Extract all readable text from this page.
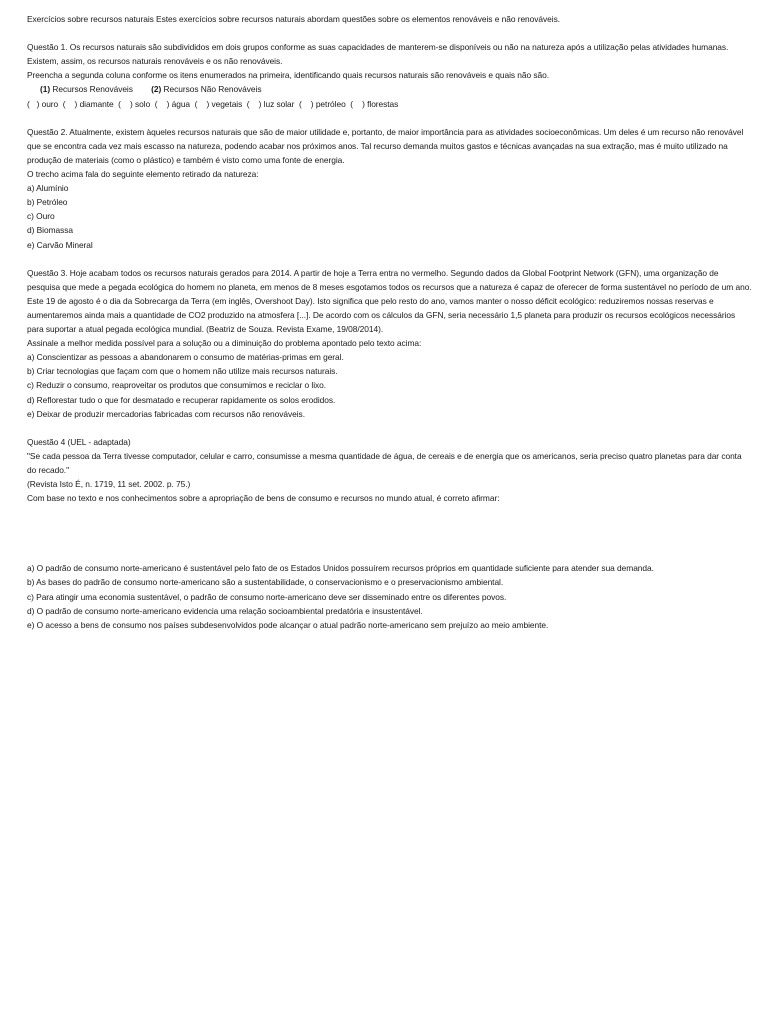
Exercícios sobre recursos naturais Estes exercícios sobre recursos naturais abordam questões sobre os elementos renováveis e não renováveis.

Questão 1. Os recursos naturais são subdivididos em dois grupos conforme as suas capacidades de manterem-se disponíveis ou não na natureza após a utilização pelas atividades humanas. Existem, assim, os recursos naturais renováveis e os não renováveis.

Preencha a segunda coluna conforme os itens enumerados na primeira, identificando quais recursos naturais são renováveis e quais não são.

(1) Recursos Renováveis (2) Recursos Não Renováveis

(   ) ouro  (    ) diamante  (    ) solo  (    ) água  (    ) vegetais  (    ) luz solar  (    ) petróleo  (    ) florestas

Questão 2. Atualmente, existem àqueles recursos naturais que são de maior utilidade e, portanto, de maior importância para as atividades socioeconômicas. Um deles é um recurso não renovável que se encontra cada vez mais escasso na natureza, podendo acabar nos próximos anos. Tal recurso demanda muitos gastos e técnicas avançadas na sua extração, mas é muito utilizado na produção de materiais (como o plástico) e também é visto como uma fonte de energia.

O trecho acima fala do seguinte elemento retirado da natureza:

a) Alumínio

b) Petróleo

c) Ouro

d) Biomassa

e) Carvão Mineral

Questão 3. Hoje acabam todos os recursos naturais gerados para 2014. A partir de hoje a Terra entra no vermelho. Segundo dados da Global Footprint Network (GFN), uma organização de pesquisa que mede a pegada ecológica do homem no planeta, em menos de 8 meses esgotamos todos os recursos que a natureza é capaz de oferecer de forma sustentável no período de um ano. Este 19 de agosto é o dia da Sobrecarga da Terra (em inglês, Overshoot Day). Isto significa que pelo resto do ano, vamos manter o nosso déficit ecológico: reduziremos nossas reservas e aumentaremos ainda mais a quantidade de CO2 produzido na atmosfera [...]. De acordo com os cálculos da GFN, seria necessário 1,5 planeta para produzir os recursos ecológicos necessários para suportar a atual pegada ecológica mundial. (Beatriz de Souza. Revista Exame, 19/08/2014).

Assinale a melhor medida possível para a solução ou a diminuição do problema apontado pelo texto acima:

a) Conscientizar as pessoas a abandonarem o consumo de matérias-primas em geral.

b) Criar tecnologias que façam com que o homem não utilize mais recursos naturais.

c) Reduzir o consumo, reaproveitar os produtos que consumimos e reciclar o lixo.

d) Reflorestar tudo o que for desmatado e recuperar rapidamente os solos erodidos.

e) Deixar de produzir mercadorias fabricadas com recursos não renováveis.

Questão 4 (UEL - adaptada)

"Se cada pessoa da Terra tivesse computador, celular e carro, consumisse a mesma quantidade de água, de cereais e de energia que os americanos, seria preciso quatro planetas para dar conta do recado."

(Revista Isto É, n. 1719, 11 set. 2002. p. 75.)

Com base no texto e nos conhecimentos sobre a apropriação de bens de consumo e recursos no mundo atual, é correto afirmar:

a) O padrão de consumo norte-americano é sustentável pelo fato de os Estados Unidos possuírem recursos próprios em quantidade suficiente para atender sua demanda.

b) As bases do padrão de consumo norte-americano são a sustentabilidade, o conservacionismo e o preservacionismo ambiental.

c) Para atingir uma economia sustentável, o padrão de consumo norte-americano deve ser disseminado entre os diferentes povos.

d) O padrão de consumo norte-americano evidencia uma relação socioambiental predatória e insustentável.

e) O acesso a bens de consumo nos países subdesenvolvidos pode alcançar o atual padrão norte-americano sem prejuízo ao meio ambiente.
